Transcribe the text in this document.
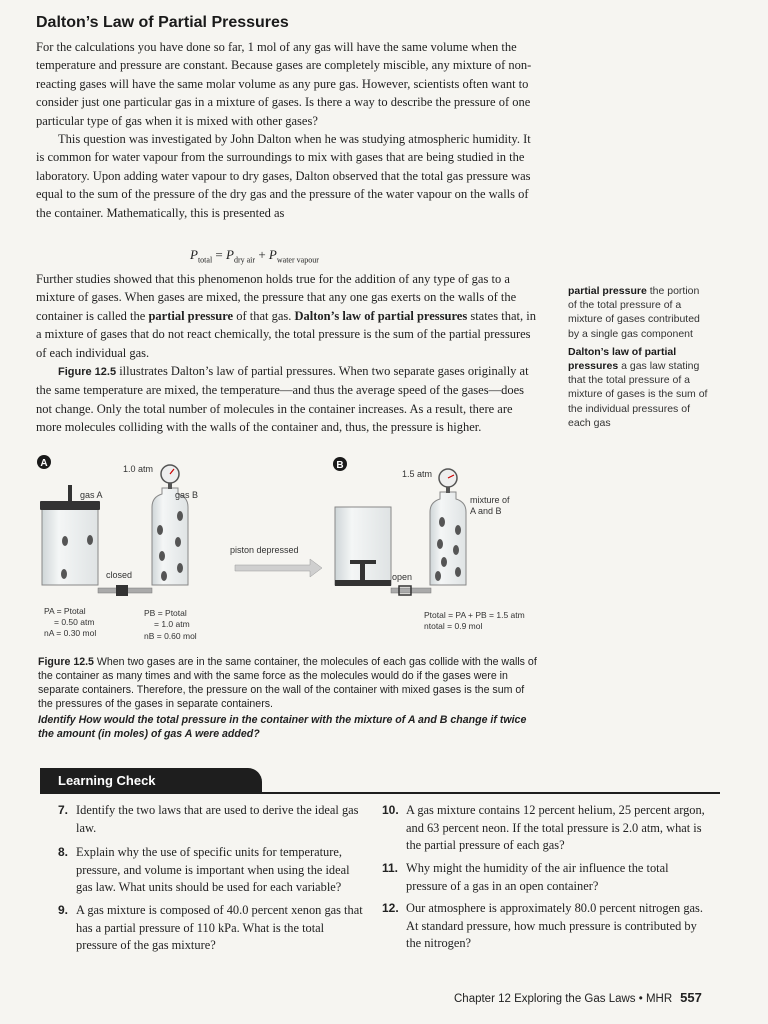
Dalton’s Law of Partial Pressures

For the calculations you have done so far, 1 mol of any gas will have the same volume when the temperature and pressure are constant. Because gases are completely miscible, any mixture of non-reacting gases will have the same molar volume as any pure gas. However, scientists often want to consider just one particular gas in a mixture of gases. Is there a way to describe the pressure of one particular type of gas when it is mixed with other gases?

This question was investigated by John Dalton when he was studying atmospheric humidity. It is common for water vapour from the surroundings to mix with gases that are being studied in the laboratory. Upon adding water vapour to dry gases, Dalton observed that the total gas pressure was equal to the sum of the pressure of the dry gas and the pressure of the water vapour on the walls of the container. Mathematically, this is presented as

$P_{total} = P_{dry air} + P_{water vapour}$

Further studies showed that this phenomenon holds true for the addition of any type of gas to a mixture of gases. When gases are mixed, the pressure that any one gas exerts on the walls of the container is called the partial pressure of that gas. Dalton’s law of partial pressures states that, in a mixture of gases that do not react chemically, the total pressure is the sum of the partial pressures of each individual gas.

Figure 12.5 illustrates Dalton’s law of partial pressures. When two separate gases originally at the same temperature are mixed, the temperature—and thus the average speed of the gases—does not change. Only the total number of molecules in the container increases. As a result, there are more molecules colliding with the walls of the container and, thus, the pressure is higher.

partial pressure the portion of the total pressure of a mixture of gases contributed by a single gas component

Dalton’s law of partial pressures a gas law stating that the total pressure of a mixture of gases is the sum of the individual pressures of each gas

A	B
gas A
1.0 atm
gas B
closed
piston depressed
1.5 atm
mixture of
A and B
open
PA = Ptotal
= 0.50 atm
nA = 0.30 mol
PB = Ptotal
= 1.0 atm
nB = 0.60 mol
Ptotal = PA + PB = 1.5 atm
ntotal = 0.9 mol

Figure 12.5 When two gases are in the same container, the molecules of each gas collide with the walls of the container as many times and with the same force as the molecules would do if the gases were in separate containers. Therefore, the pressure on the wall of the container with mixed gases is the sum of the pressures of the gases in separate containers.

Identify How would the total pressure in the container with the mixture of A and B change if twice the amount (in moles) of gas A were added?

Learning Check
7. Identify the two laws that are used to derive the ideal gas law.
8. Explain why the use of specific units for temperature, pressure, and volume is important when using the ideal gas law. What units should be used for each variable?
9. A gas mixture is composed of 40.0 percent xenon gas that has a partial pressure of 110 kPa. What is the total pressure of the gas mixture?
10. A gas mixture contains 12 percent helium, 25 percent argon, and 63 percent neon. If the total pressure is 2.0 atm, what is the partial pressure of each gas?
11. Why might the humidity of the air influence the total pressure of a gas in an open container?
12. Our atmosphere is approximately 80.0 percent nitrogen gas. At standard pressure, how much pressure is contributed by the nitrogen?
Chapter 12 Exploring the Gas Laws • MHR 557
